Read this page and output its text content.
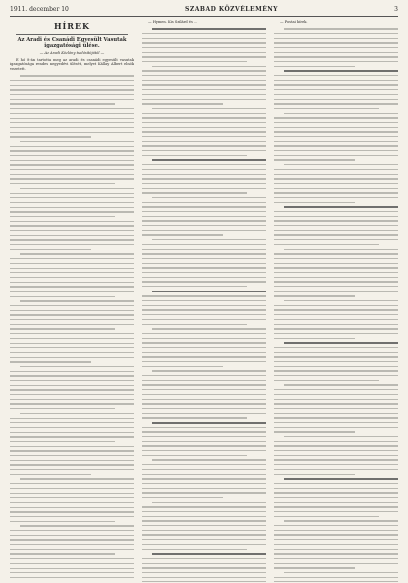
1911. december 10	SZABAD KÖZVÉLEMÉNY	3
HÍREK
Az Aradi és Csanádi Egyesült Vasutak igazgatósági ülése.
— Az Aradi Közlöny tudósítójától —

E hó 8-án tartotta meg az aradi és csanádi egyesült vasutak igazgatósága rendes negyedévi ülését, melyet Kállay Albert elnök vezetett.

— Hymen. Kis Szilárd és ...	— Postai hírek.
